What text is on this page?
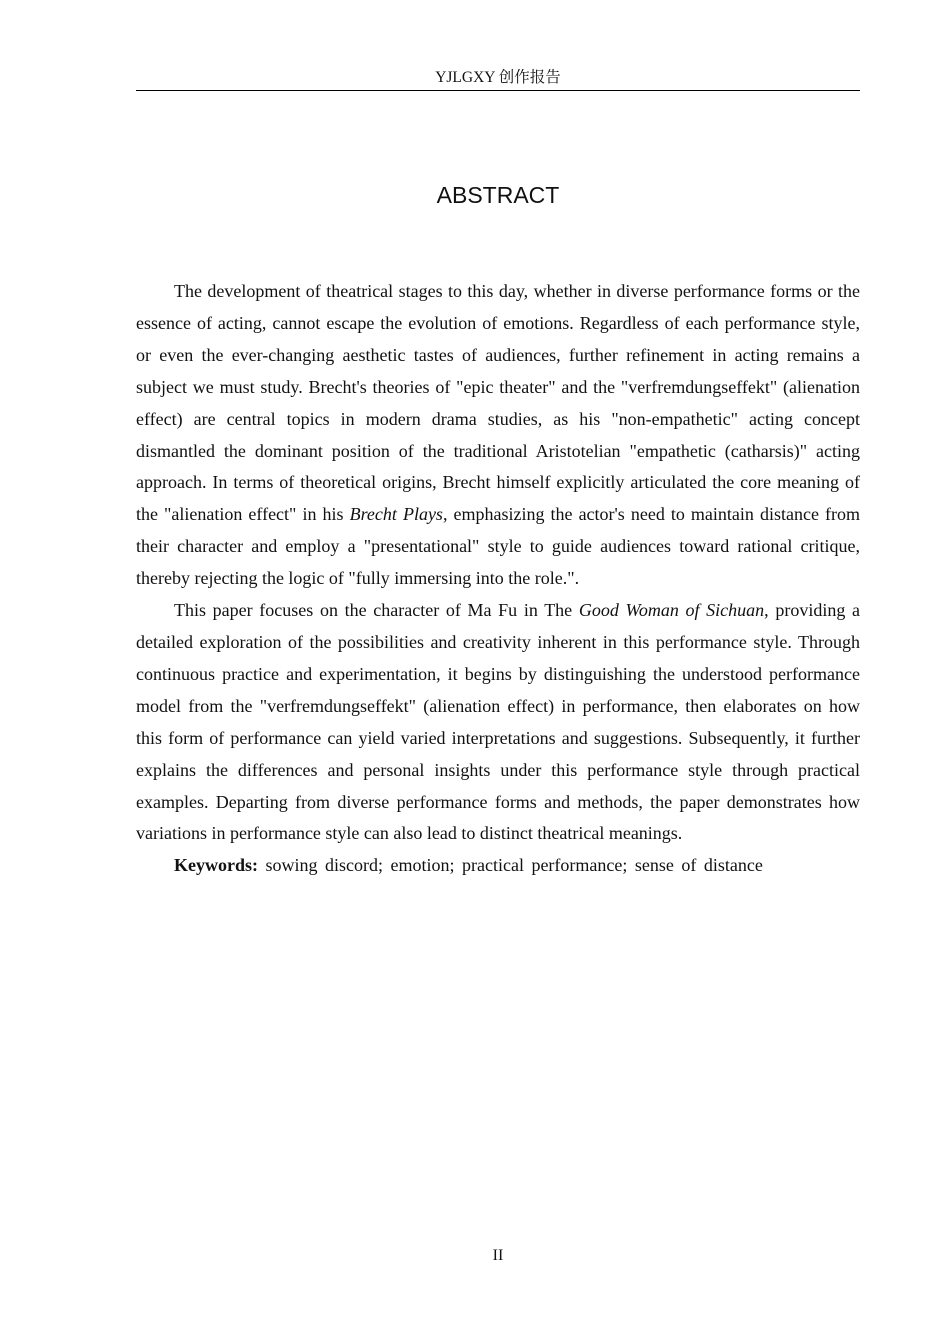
YJLGXY 创作报告
ABSTRACT

The development of theatrical stages to this day, whether in diverse performance forms or the essence of acting, cannot escape the evolution of emotions. Regardless of each performance style, or even the ever-changing aesthetic tastes of audiences, further refinement in acting remains a subject we must study. Brecht's theories of "epic theater" and the "verfremdungseffekt" (alienation effect) are central topics in modern drama studies, as his "non-empathetic" acting concept dismantled the dominant position of the traditional Aristotelian "empathetic (catharsis)" acting approach. In terms of theoretical origins, Brecht himself explicitly articulated the core meaning of the "alienation effect" in his Brecht Plays, emphasizing the actor's need to maintain distance from their character and employ a "presentational" style to guide audiences toward rational critique, thereby rejecting the logic of "fully immersing into the role.".

This paper focuses on the character of Ma Fu in The Good Woman of Sichuan, providing a detailed exploration of the possibilities and creativity inherent in this performance style. Through continuous practice and experimentation, it begins by distinguishing the understood performance model from the "verfremdungseffekt" (alienation effect) in performance, then elaborates on how this form of performance can yield varied interpretations and suggestions. Subsequently, it further explains the differences and personal insights under this performance style through practical examples. Departing from diverse performance forms and methods, the paper demonstrates how variations in performance style can also lead to distinct theatrical meanings.

Keywords: sowing discord; emotion; practical performance; sense of distance

II
